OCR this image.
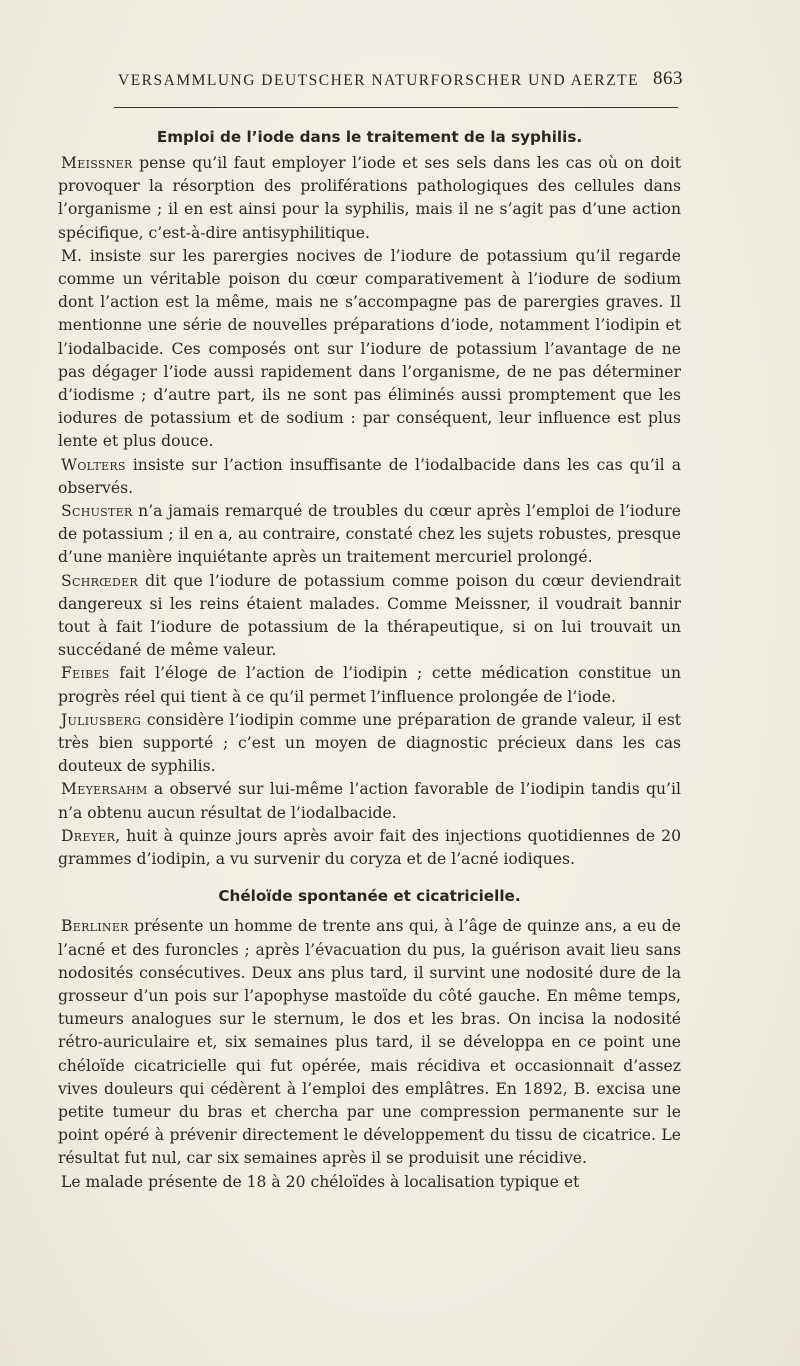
VERSAMMLUNG DEUTSCHER NATURFORSCHER UND AERZTE 863
Emploi de l’iode dans le traitement de la syphilis.

Meissner pense qu’il faut employer l’iode et ses sels dans les cas où on doit provoquer la résorption des proliférations pathologiques des cellules dans l’organisme ; il en est ainsi pour la syphilis, mais il ne s’agit pas d’une action spécifique, c’est-à-dire antisyphilitique.

M. insiste sur les parergies nocives de l’iodure de potassium qu’il regarde comme un véritable poison du cœur comparativement à l’iodure de sodium dont l’action est la même, mais ne s’accompagne pas de parergies graves. Il mentionne une série de nouvelles préparations d’iode, notamment l’iodipin et l’iodalbacide. Ces composés ont sur l’iodure de potassium l’avantage de ne pas dégager l’iode aussi rapidement dans l’organisme, de ne pas déterminer d’iodisme ; d’autre part, ils ne sont pas éliminés aussi promptement que les iodures de potassium et de sodium : par conséquent, leur influence est plus lente et plus douce.

Wolters insiste sur l’action insuffisante de l’iodalbacide dans les cas qu’il a observés.

Schuster n’a jamais remarqué de troubles du cœur après l’emploi de l’iodure de potassium ; il en a, au contraire, constaté chez les sujets robustes, presque d’une manière inquiétante après un traitement mercuriel prolongé.

Schrœder dit que l’iodure de potassium comme poison du cœur deviendrait dangereux si les reins étaient malades. Comme Meissner, il voudrait bannir tout à fait l’iodure de potassium de la thérapeutique, si on lui trouvait un succédané de même valeur.

Feibes fait l’éloge de l’action de l’iodipin ; cette médication constitue un progrès réel qui tient à ce qu’il permet l’influence prolongée de l’iode.

Juliusberg considère l’iodipin comme une préparation de grande valeur, il est très bien supporté ; c’est un moyen de diagnostic précieux dans les cas douteux de syphilis.

Meyersahm a observé sur lui-même l’action favorable de l’iodipin tandis qu’il n’a obtenu aucun résultat de l’iodalbacide.

Dreyer, huit à quinze jours après avoir fait des injections quotidiennes de 20 grammes d’iodipin, a vu survenir du coryza et de l’acné iodiques.

Chéloïde spontanée et cicatricielle.

Berliner présente un homme de trente ans qui, à l’âge de quinze ans, a eu de l’acné et des furoncles ; après l’évacuation du pus, la guérison avait lieu sans nodosités consécutives. Deux ans plus tard, il survint une nodosité dure de la grosseur d’un pois sur l’apophyse mastoïde du côté gauche. En même temps, tumeurs analogues sur le sternum, le dos et les bras. On incisa la nodosité rétro-auriculaire et, six semaines plus tard, il se développa en ce point une chéloïde cicatricielle qui fut opérée, mais récidiva et occasionnait d’assez vives douleurs qui cédèrent à l’emploi des emplâtres. En 1892, B. excisa une petite tumeur du bras et chercha par une compression permanente sur le point opéré à prévenir directement le développement du tissu de cicatrice. Le résultat fut nul, car six semaines après il se produisit une récidive.

Le malade présente de 18 à 20 chéloïdes à localisation typique et
